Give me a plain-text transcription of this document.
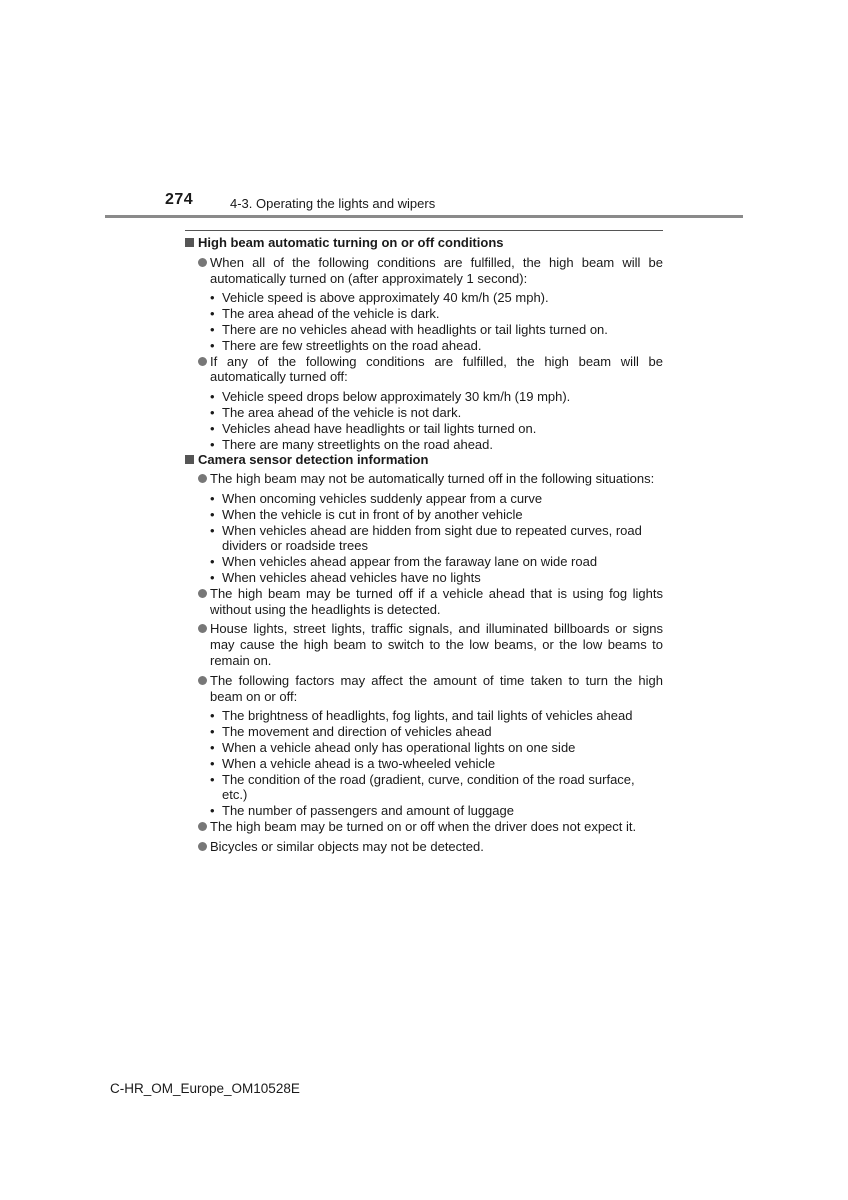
274	4-3. Operating the lights and wipers
High beam automatic turning on or off conditions
When all of the following conditions are fulfilled, the high beam will be automatically turned on (after approximately 1 second):
• Vehicle speed is above approximately 40 km/h (25 mph).
• The area ahead of the vehicle is dark.
• There are no vehicles ahead with headlights or tail lights turned on.
• There are few streetlights on the road ahead.
If any of the following conditions are fulfilled, the high beam will be automatically turned off:
• Vehicle speed drops below approximately 30 km/h (19 mph).
• The area ahead of the vehicle is not dark.
• Vehicles ahead have headlights or tail lights turned on.
• There are many streetlights on the road ahead.
Camera sensor detection information
The high beam may not be automatically turned off in the following situations:
• When oncoming vehicles suddenly appear from a curve
• When the vehicle is cut in front of by another vehicle
• When vehicles ahead are hidden from sight due to repeated curves, road dividers or roadside trees
• When vehicles ahead appear from the faraway lane on wide road
• When vehicles ahead vehicles have no lights
The high beam may be turned off if a vehicle ahead that is using fog lights without using the headlights is detected.
House lights, street lights, traffic signals, and illuminated billboards or signs may cause the high beam to switch to the low beams, or the low beams to remain on.
The following factors may affect the amount of time taken to turn the high beam on or off:
• The brightness of headlights, fog lights, and tail lights of vehicles ahead
• The movement and direction of vehicles ahead
• When a vehicle ahead only has operational lights on one side
• When a vehicle ahead is a two-wheeled vehicle
• The condition of the road (gradient, curve, condition of the road surface, etc.)
• The number of passengers and amount of luggage
The high beam may be turned on or off when the driver does not expect it.
Bicycles or similar objects may not be detected.
C-HR_OM_Europe_OM10528E
